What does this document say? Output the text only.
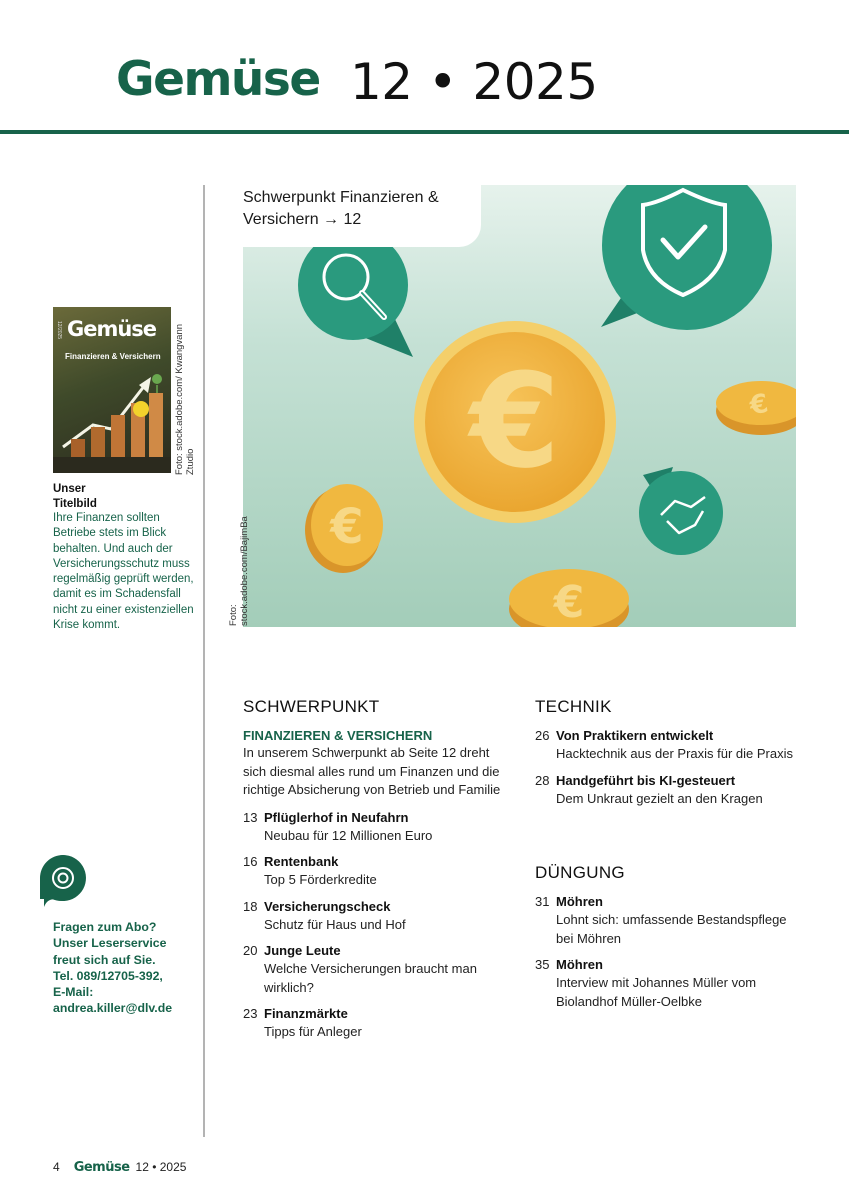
Gemüse 12 • 2025
Gemüse
12/2025
Finanzieren & Versichern Foto: stock.adobe.com/ Kwangvann Ztudio
Unser
Titelbild
Ihre Finanzen sollten Betriebe stets im Blick behalten. Und auch der Versicherungsschutz muss regelmäßig geprüft werden, damit es im Schadensfall nicht zu einer existenziellen Krise kommt.
Fragen zum Abo?
Unser Leserservice
freut sich auf Sie.
Tel. 089/12705-392,
E-Mail:
andrea.killer@dlv.de
€
€
€
€
Schwerpunkt Finanzieren &
Versichern → 12
Foto: stock.adobe.com/BajimBa
SCHWERPUNKT
FINANZIEREN & VERSICHERN
In unserem Schwerpunkt ab Seite 12 dreht sich diesmal alles rund um Finanzen und die richtige Absicherung von Betrieb und Familie
13 Pflüglerhof in Neufahrn
Neubau für 12 Millionen Euro
16 Rentenbank
Top 5 Förderkredite
18 Versicherungscheck
Schutz für Haus und Hof
20 Junge Leute
Welche Versicherungen braucht man wirklich?
23 Finanzmärkte
Tipps für Anleger
TECHNIK
26 Von Praktikern entwickelt
Hacktechnik aus der Praxis für die Praxis
28 Handgeführt bis KI-gesteuert
Dem Unkraut gezielt an den Kragen
DÜNGUNG
31 Möhren
Lohnt sich: umfassende Bestandspflege bei Möhren
35 Möhren
Interview mit Johannes Müller vom Biolandhof Müller-Oelbke
4 Gemüse 12 • 2025
